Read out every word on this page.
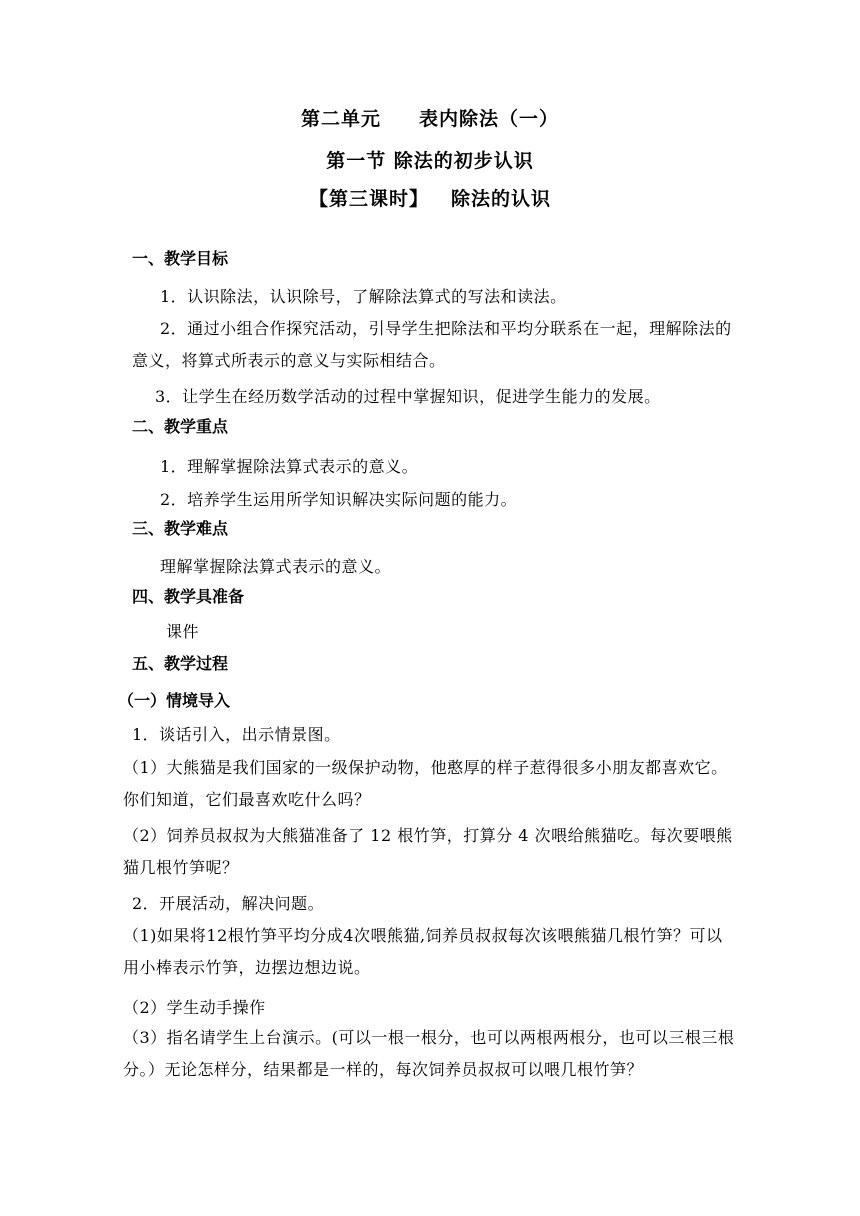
第二单元 表内除法（一）
第一节 除法的初步认识
【第三课时】 除法的认识
一、教学目标
1．认识除法，认识除号，了解除法算式的写法和读法。
2．通过小组合作探究活动，引导学生把除法和平均分联系在一起，理解除法的意义，将算式所表示的意义与实际相结合。
3．让学生在经历数学活动的过程中掌握知识，促进学生能力的发展。
二、教学重点
1．理解掌握除法算式表示的意义。
2．培养学生运用所学知识解决实际问题的能力。
三、教学难点
理解掌握除法算式表示的意义。
四、教学具准备
课件
五、教学过程
（一）情境导入
1．谈话引入，出示情景图。
（1）大熊猫是我们国家的一级保护动物，他憨厚的样子惹得很多小朋友都喜欢它。你们知道，它们最喜欢吃什么吗？
（2）饲养员叔叔为大熊猫准备了 12 根竹笋，打算分 4 次喂给熊猫吃。每次要喂熊猫几根竹笋呢？
2．开展活动，解决问题。
（1)如果将12根竹笋平均分成4次喂熊猫,饲养员叔叔每次该喂熊猫几根竹笋？可以用小棒表示竹笋，边摆边想边说。
（2）学生动手操作
（3）指名请学生上台演示。(可以一根一根分，也可以两根两根分，也可以三根三根分。）无论怎样分，结果都是一样的，每次饲养员叔叔可以喂几根竹笋？
